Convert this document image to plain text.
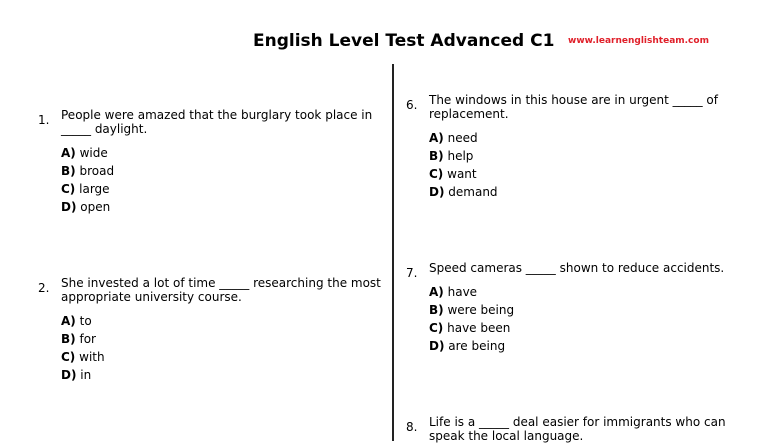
English Level Test Advanced C1 www.learnenglishteam.com
1. People were amazed that the burglary took place in
_____ daylight.
A) wide
B) broad
C) large
D) open
2. She invested a lot of time _____ researching the most
appropriate university course.
A) to
B) for
C) with
D) in
6. The windows in this house are in urgent _____ of
replacement.
A) need
B) help
C) want
D) demand
7. Speed cameras _____ shown to reduce accidents.
A) have
B) were being
C) have been
D) are being
8. Life is a _____ deal easier for immigrants who can
speak the local language.
